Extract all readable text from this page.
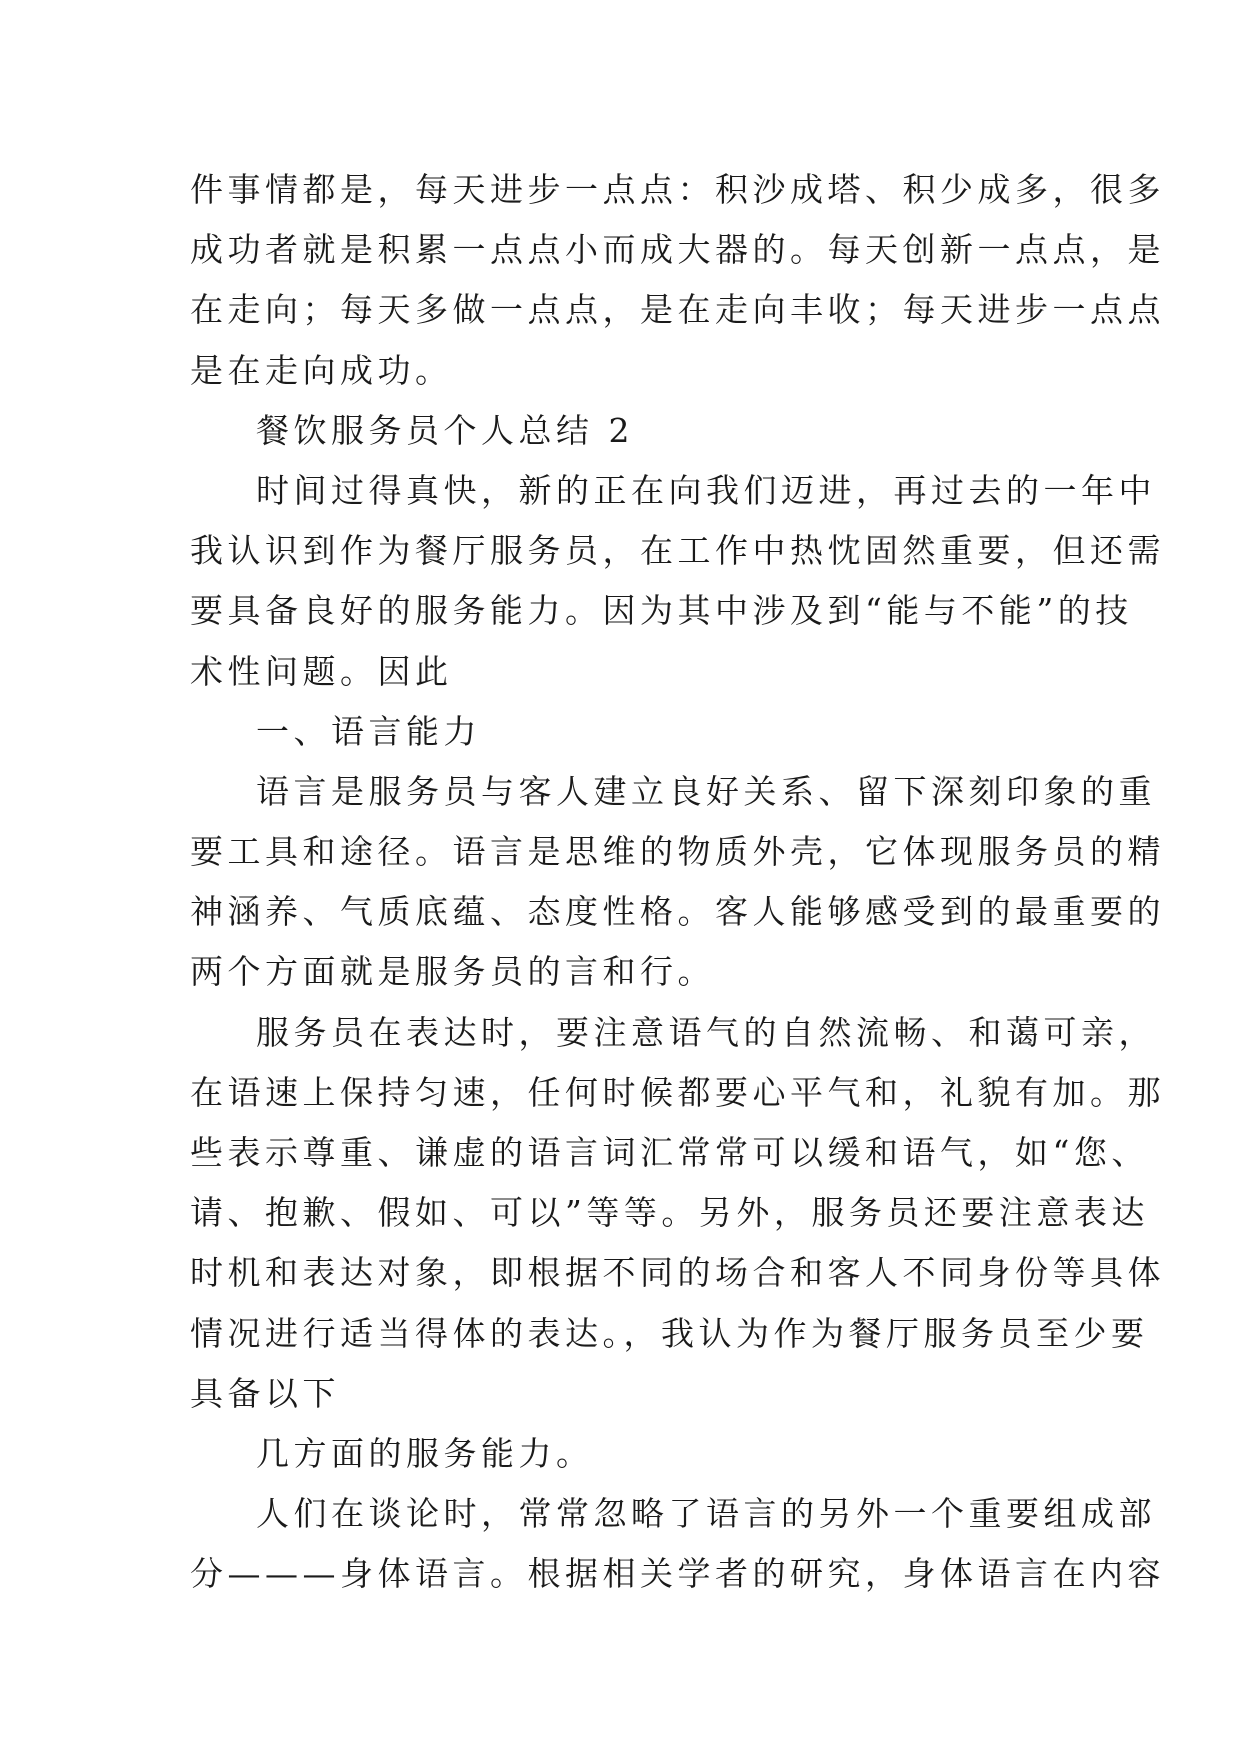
件事情都是，每天进步一点点：积沙成塔、积少成多，很多
成功者就是积累一点点小而成大器的。每天创新一点点，是
在走向；每天多做一点点，是在走向丰收；每天进步一点点
是在走向成功。
餐饮服务员个人总结 2
时间过得真快，新的正在向我们迈进，再过去的一年中
我认识到作为餐厅服务员，在工作中热忱固然重要，但还需
要具备良好的服务能力。因为其中涉及到“能与不能”的技
术性问题。因此
一、语言能力
语言是服务员与客人建立良好关系、留下深刻印象的重
要工具和途径。语言是思维的物质外壳，它体现服务员的精
神涵养、气质底蕴、态度性格。客人能够感受到的最重要的
两个方面就是服务员的言和行。
服务员在表达时，要注意语气的自然流畅、和蔼可亲，
在语速上保持匀速，任何时候都要心平气和，礼貌有加。那
些表示尊重、谦虚的语言词汇常常可以缓和语气，如“您、
请、抱歉、假如、可以”等等。另外，服务员还要注意表达
时机和表达对象，即根据不同的场合和客人不同身份等具体
情况进行适当得体的表达。，我认为作为餐厅服务员至少要
具备以下
几方面的服务能力。
人们在谈论时，常常忽略了语言的另外一个重要组成部
分———身体语言。根据相关学者的研究，身体语言在内容
